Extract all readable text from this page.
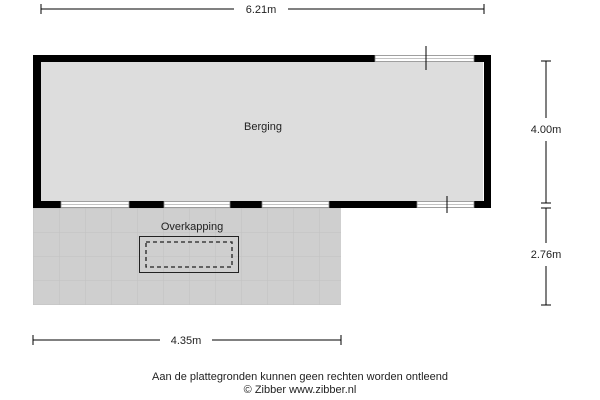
6.21m
4.00m
2.76m
4.35m
Berging
Overkapping
Aan de plattegronden kunnen geen rechten worden ontleend
© Zibber www.zibber.nl
